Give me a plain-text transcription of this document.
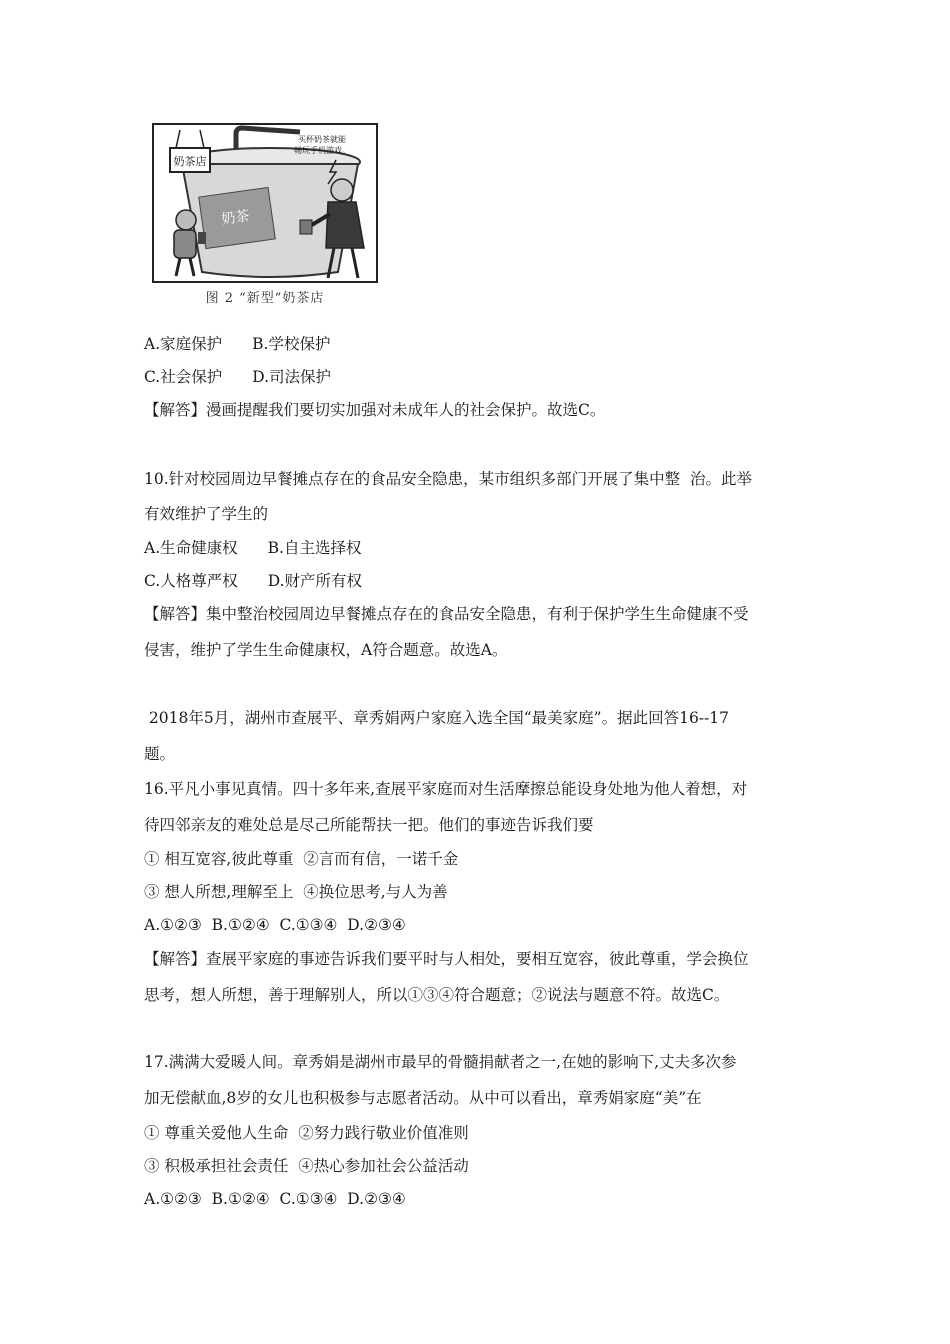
奶茶店
奶茶
买杯奶茶就能畅玩手机游戏。
图 2 “新型”奶茶店
A.家庭保护 B.学校保护
C.社会保护 D.司法保护
【解答】漫画提醒我们要切实加强对未成年人的社会保护。故选C。
10.针对校园周边早餐摊点存在的食品安全隐患，某市组织多部门开展了集中整  治。此举
有效维护了学生的
A.生命健康权 B.自主选择权
C.人格尊严权 D.财产所有权
【解答】集中整治校园周边早餐摊点存在的食品安全隐患，有利于保护学生生命健康不受
侵害，维护了学生生命健康权，A符合题意。故选A。
2018年5月，湖州市查展平、章秀娟两户家庭入选全国“最美家庭”。据此回答16--17
题。
16.平凡小事见真情。四十多年来,查展平家庭而对生活摩擦总能设身处地为他人着想，对
待四邻亲友的难处总是尽己所能帮扶一把。他们的事迹告诉我们要
① 相互宽容,彼此尊重  ②言而有信，一诺千金
③ 想人所想,理解至上  ④换位思考,与人为善
A.①②③  B.①②④  C.①③④  D.②③④
【解答】查展平家庭的事迹告诉我们要平时与人相处，要相互宽容，彼此尊重，学会换位
思考，想人所想，善于理解别人，所以①③④符合题意；②说法与题意不符。故选C。
17.满满大爱暖人间。章秀娟是湖州市最早的骨髓捐献者之一,在她的影响下,丈夫多次参
加无偿献血,8岁的女儿也积极参与志愿者活动。从中可以看出，章秀娟家庭“美”在
① 尊重关爱他人生命  ②努力践行敬业价值准则
③ 积极承担社会责任  ④热心参加社会公益活动
A.①②③  B.①②④  C.①③④  D.②③④
